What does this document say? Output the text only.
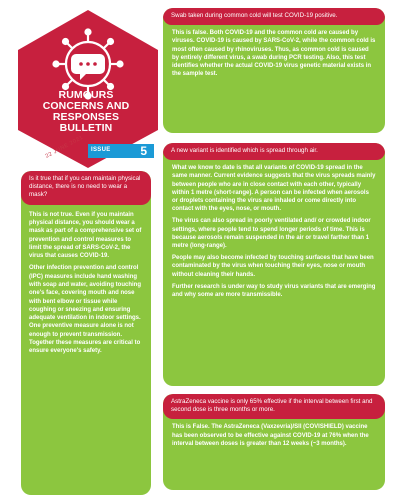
RUMOURS
CONCERNS AND
RESPONSES
BULLETIN
22 JUNE 2021	ISSUE 5
Swab taken during common cold will test COVID-19 positive.

This is false. Both COVID-19 and the common cold are caused by viruses. COVID-19 is caused by SARS-CoV-2, while the common cold is most often caused by rhinoviruses. Thus, as common cold is caused by entirely different virus, a swab during PCR testing. Also, this test identifies whether the actual COVID-19 virus genetic material exists in the sample test.

A new variant is identified which is spread through air.

What we know to date is that all variants of COVID-19 spread in the same manner. Current evidence suggests that the virus spreads mainly between people who are in close contact with each other, typically within 1 metre (short-range). A person can be infected when aerosols or droplets containing the virus are inhaled or come directly into contact with the eyes, nose, or mouth.

The virus can also spread in poorly ventilated and/ or crowded indoor settings, where people tend to spend longer periods of time. This is because aerosols remain suspended in the air or travel farther than 1 metre (long-range).

People may also become infected by touching surfaces that have been contaminated by the virus when touching their eyes, nose or mouth without cleaning their hands.

Further research is under way to study virus variants that are emerging and why some are more transmissible.

AstraZeneca vaccine is only 65% effective if the interval between first and second dose is three months or more.

This is False. The AstraZeneca (Vaxzevria)/SII (COVISHIELD) vaccine has been observed to be effective against COVID-19 at 76% when the interval between doses is greater than 12 weeks (~3 months).

Is it true that if you can maintain physical distance, there is no need to wear a mask?

This is not true. Even if you maintain physical distance, you should wear a mask as part of a comprehensive set of prevention and control measures to limit the spread of SARS-CoV-2, the virus that causes COVID-19.

Other infection prevention and control (IPC) measures include hand washing with soap and water, avoiding touching one's face, covering mouth and nose with bent elbow or tissue while coughing or sneezing and ensuring adequate ventilation in indoor settings. One preventive measure alone is not enough to prevent transmission. Together these measures are critical to ensure everyone's safety.
